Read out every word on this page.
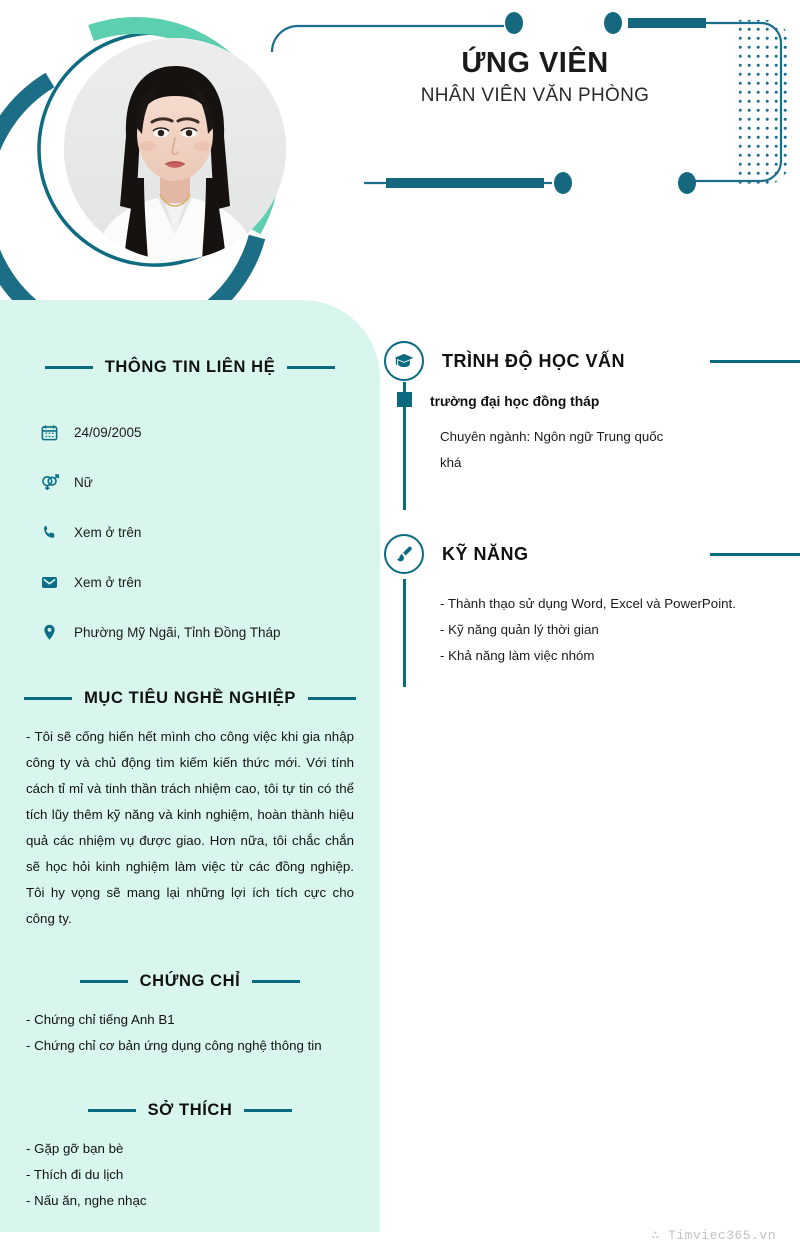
ỨNG VIÊN
NHÂN VIÊN VĂN PHÒNG
THÔNG TIN LIÊN HỆ
24/09/2005
Nữ
Xem ở trên
Xem ở trên
Phường Mỹ Ngãi, Tỉnh Đồng Tháp
MỤC TIÊU NGHỀ NGHIỆP

- Tôi sẽ cống hiến hết mình cho công việc khi gia nhập công ty và chủ động tìm kiếm kiến thức mới. Với tính cách tỉ mỉ và tinh thần trách nhiệm cao, tôi tự tin có thể tích lũy thêm kỹ năng và kinh nghiệm, hoàn thành hiệu quả các nhiệm vụ được giao. Hơn nữa, tôi chắc chắn sẽ học hỏi kinh nghiệm làm việc từ các đồng nghiệp. Tôi hy vọng sẽ mang lại những lợi ích tích cực cho công ty.

CHỨNG CHỈ
- Chứng chỉ tiếng Anh B1
- Chứng chỉ cơ bản ứng dụng công nghệ thông tin
SỞ THÍCH
- Gặp gỡ bạn bè
- Thích đi du lịch
- Nấu ăn, nghe nhạc
TRÌNH ĐỘ HỌC VẤN
trường đại học đồng tháp
Chuyên ngành: Ngôn ngữ Trung quốc
khá
KỸ NĂNG
- Thành thạo sử dụng Word, Excel và PowerPoint.
- Kỹ năng quản lý thời gian
- Khả năng làm việc nhóm
∴ Timviec365.vn
